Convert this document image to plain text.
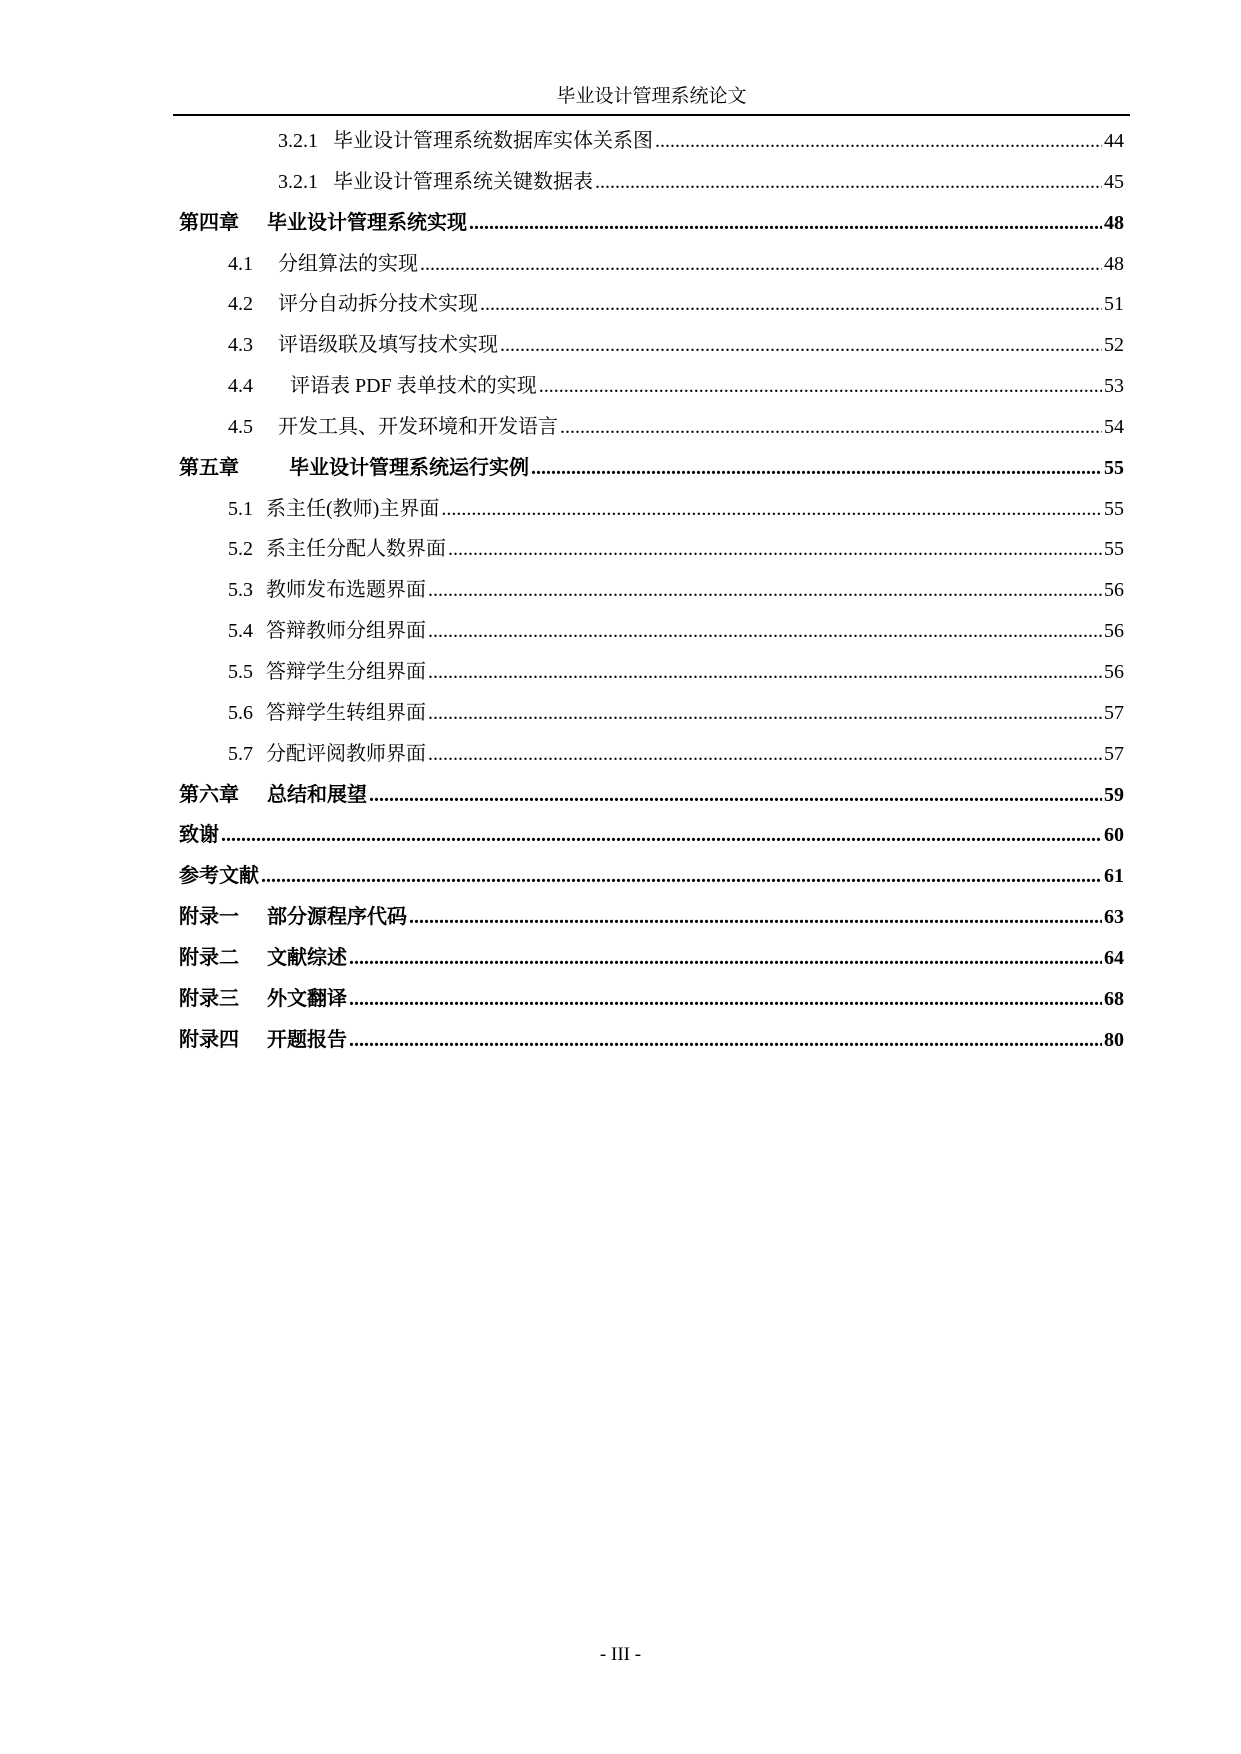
毕业设计管理系统论文
3.2.1 毕业设计管理系统数据库实体关系图 .....	44
3.2.1 毕业设计管理系统关键数据表 .....	45
第四章	毕业设计管理系统实现 .....	48
4.1	分组算法的实现 .....	48
4.2	评分自动拆分技术实现 .....	51
4.3	评语级联及填写技术实现 .....	52
4.4	评语表 PDF 表单技术的实现 .....	53
4.5	开发工具、开发环境和开发语言 .....	54
第五章	毕业设计管理系统运行实例 .....	55
5.1 系主任(教师)主界面 .....	55
5.2 系主任分配人数界面 .....	55
5.3 教师发布选题界面 .....	56
5.4 答辩教师分组界面 .....	56
5.5 答辩学生分组界面 .....	56
5.6 答辩学生转组界面 .....	57
5.7 分配评阅教师界面 .....	57
第六章	总结和展望 .....	59
致谢 .....	60
参考文献 .....	61
附录一	部分源程序代码 .....	63
附录二	文献综述 .....	64
附录三	外文翻译 .....	68
附录四	开题报告 .....	80
- III -
